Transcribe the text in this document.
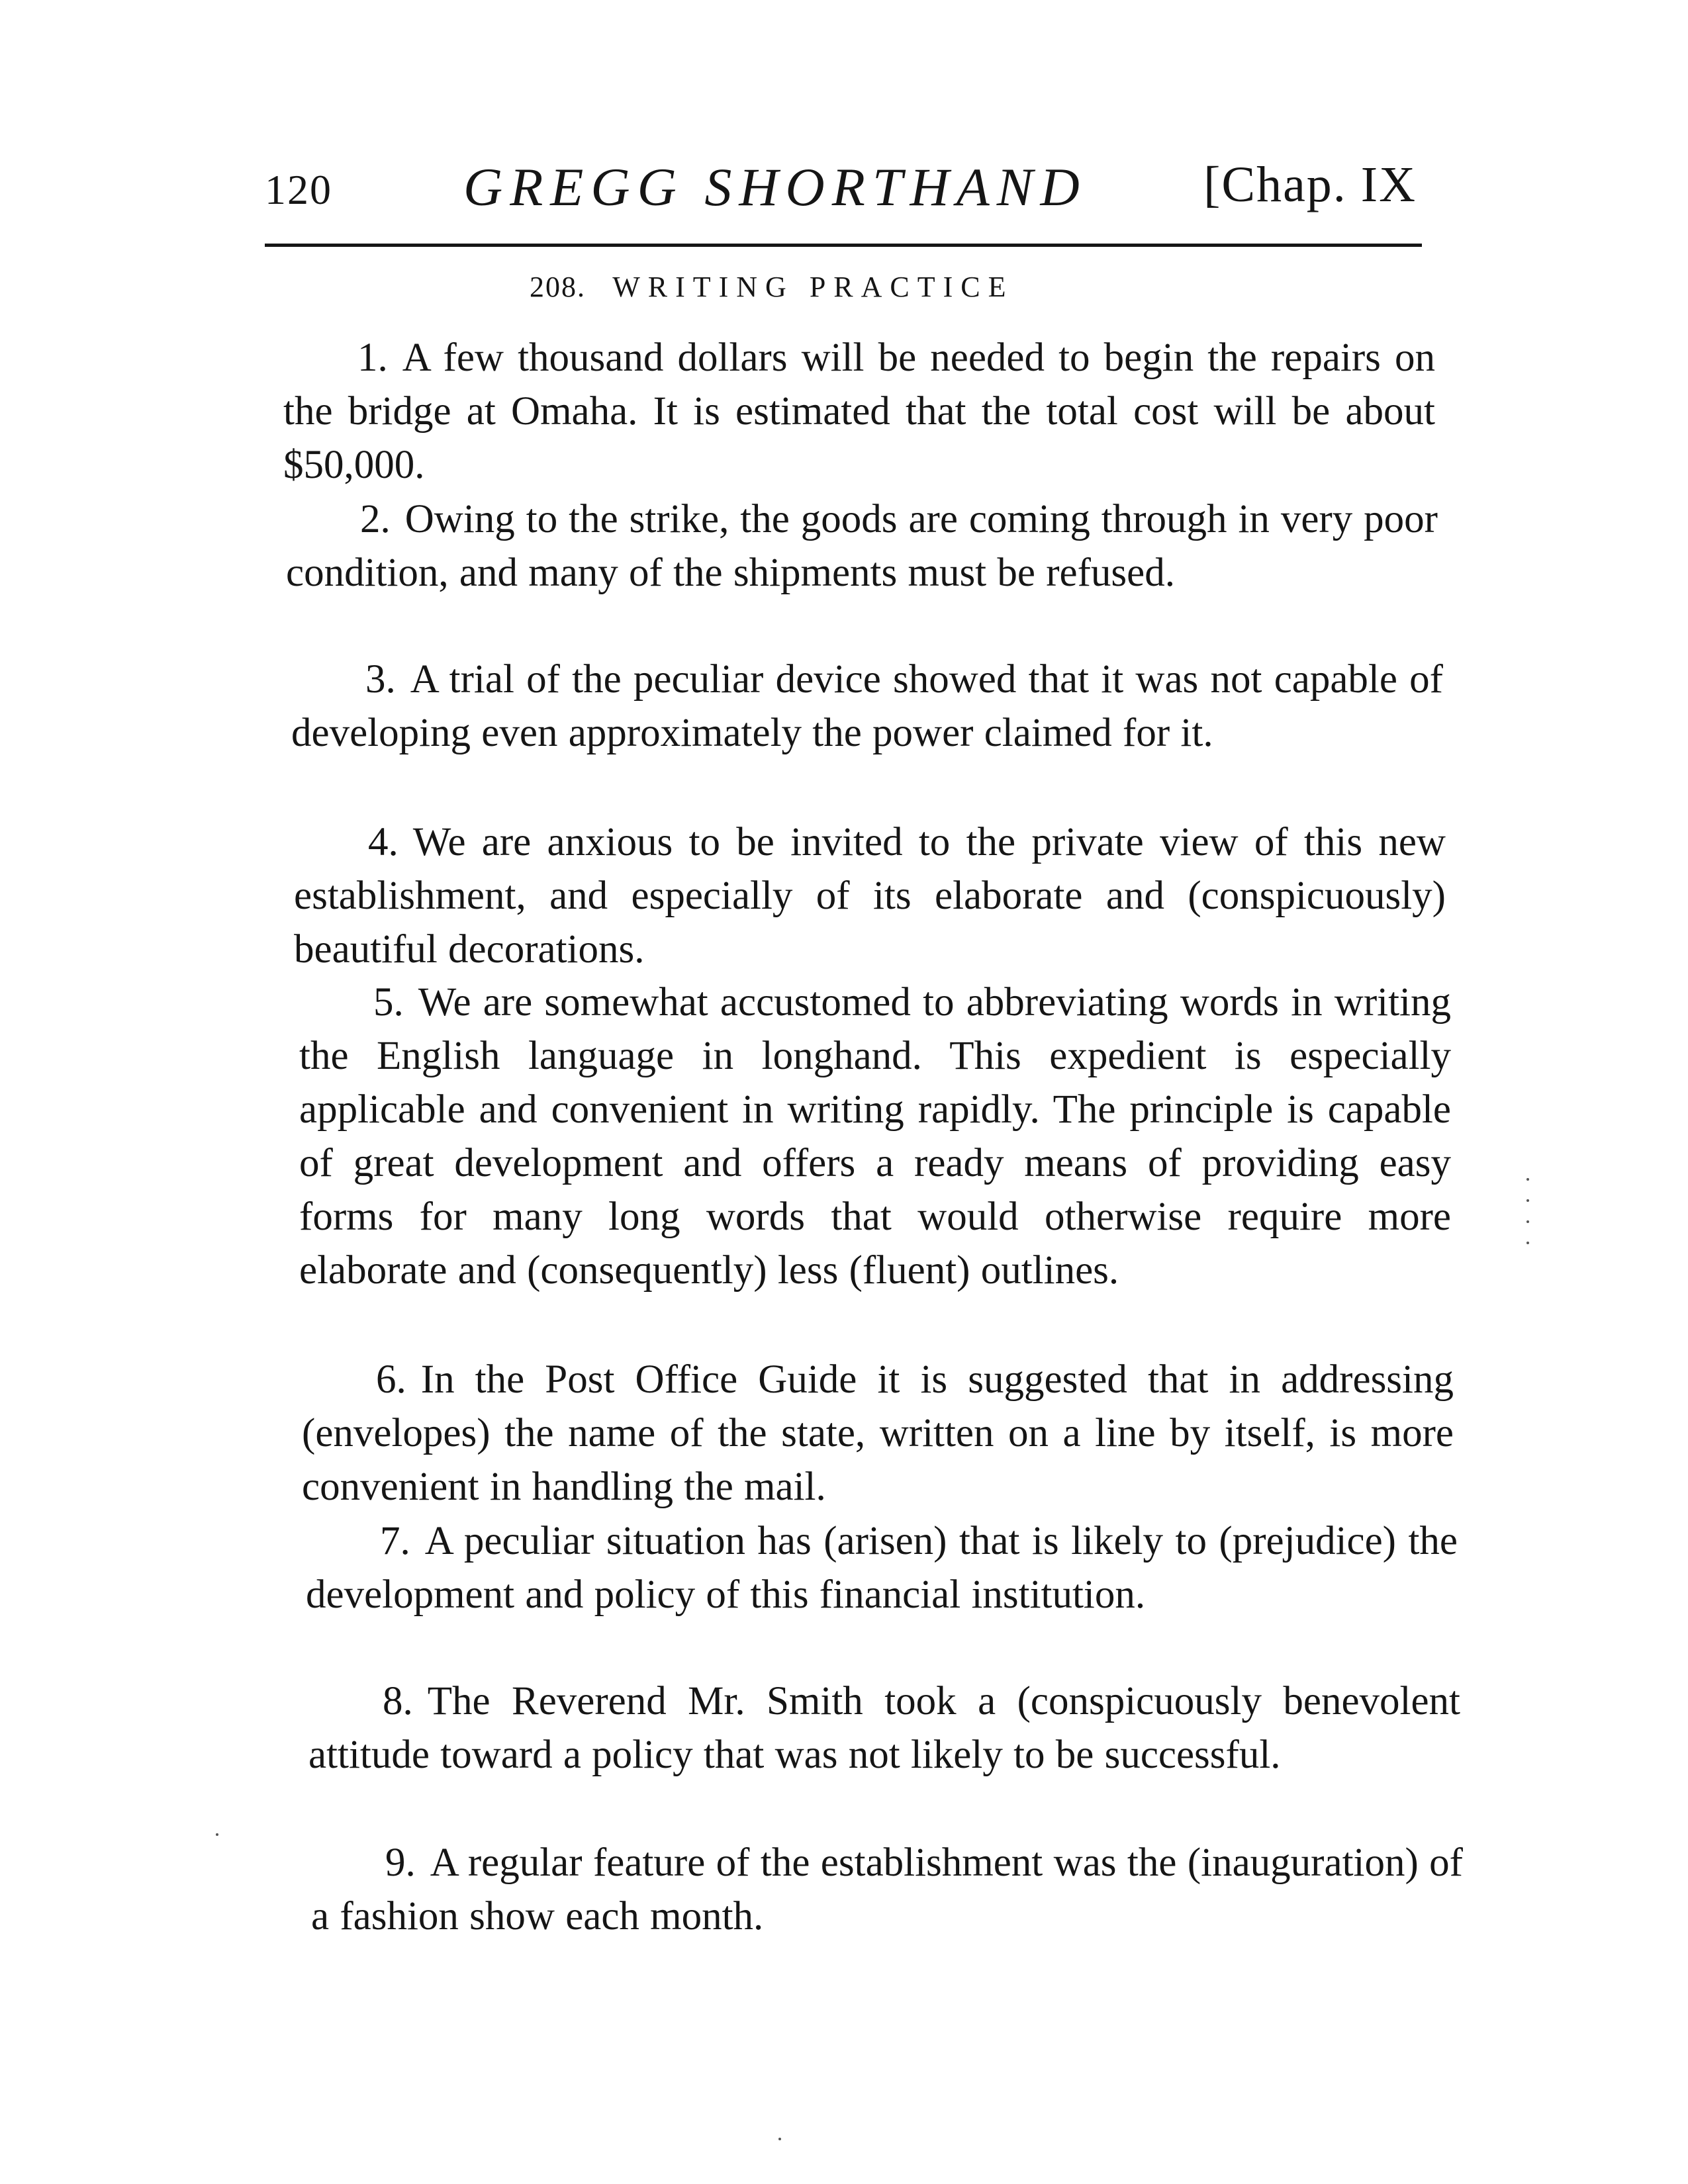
120 GREGG SHORTHAND [Chap. IX
208. WRITING PRACTICE

1. A few thousand dollars will be needed to begin the repairs on the bridge at Omaha. It is estimated that the total cost will be about $50,000.

2. Owing to the strike, the goods are coming through in very poor condition, and many of the shipments must be refused.

3. A trial of the peculiar device showed that it was not capable of developing even approximately the power claimed for it.

4. We are anxious to be invited to the private view of this new establishment, and especially of its elaborate and (conspicuously) beautiful decorations.

5. We are somewhat accustomed to abbreviating words in writing the English language in longhand. This expedient is especially applicable and convenient in writing rapidly. The principle is capable of great development and offers a ready means of providing easy forms for many long words that would otherwise require more elaborate and (consequently) less (fluent) outlines.

6. In the Post Office Guide it is suggested that in addressing (envelopes) the name of the state, written on a line by itself, is more convenient in handling the mail.

7. A peculiar situation has (arisen) that is likely to (prejudice) the development and policy of this financial institution.

8. The Reverend Mr. Smith took a (conspicuously benevolent attitude toward a policy that was not likely to be successful.

9. A regular feature of the establishment was the (inauguration) of a fashion show each month.
